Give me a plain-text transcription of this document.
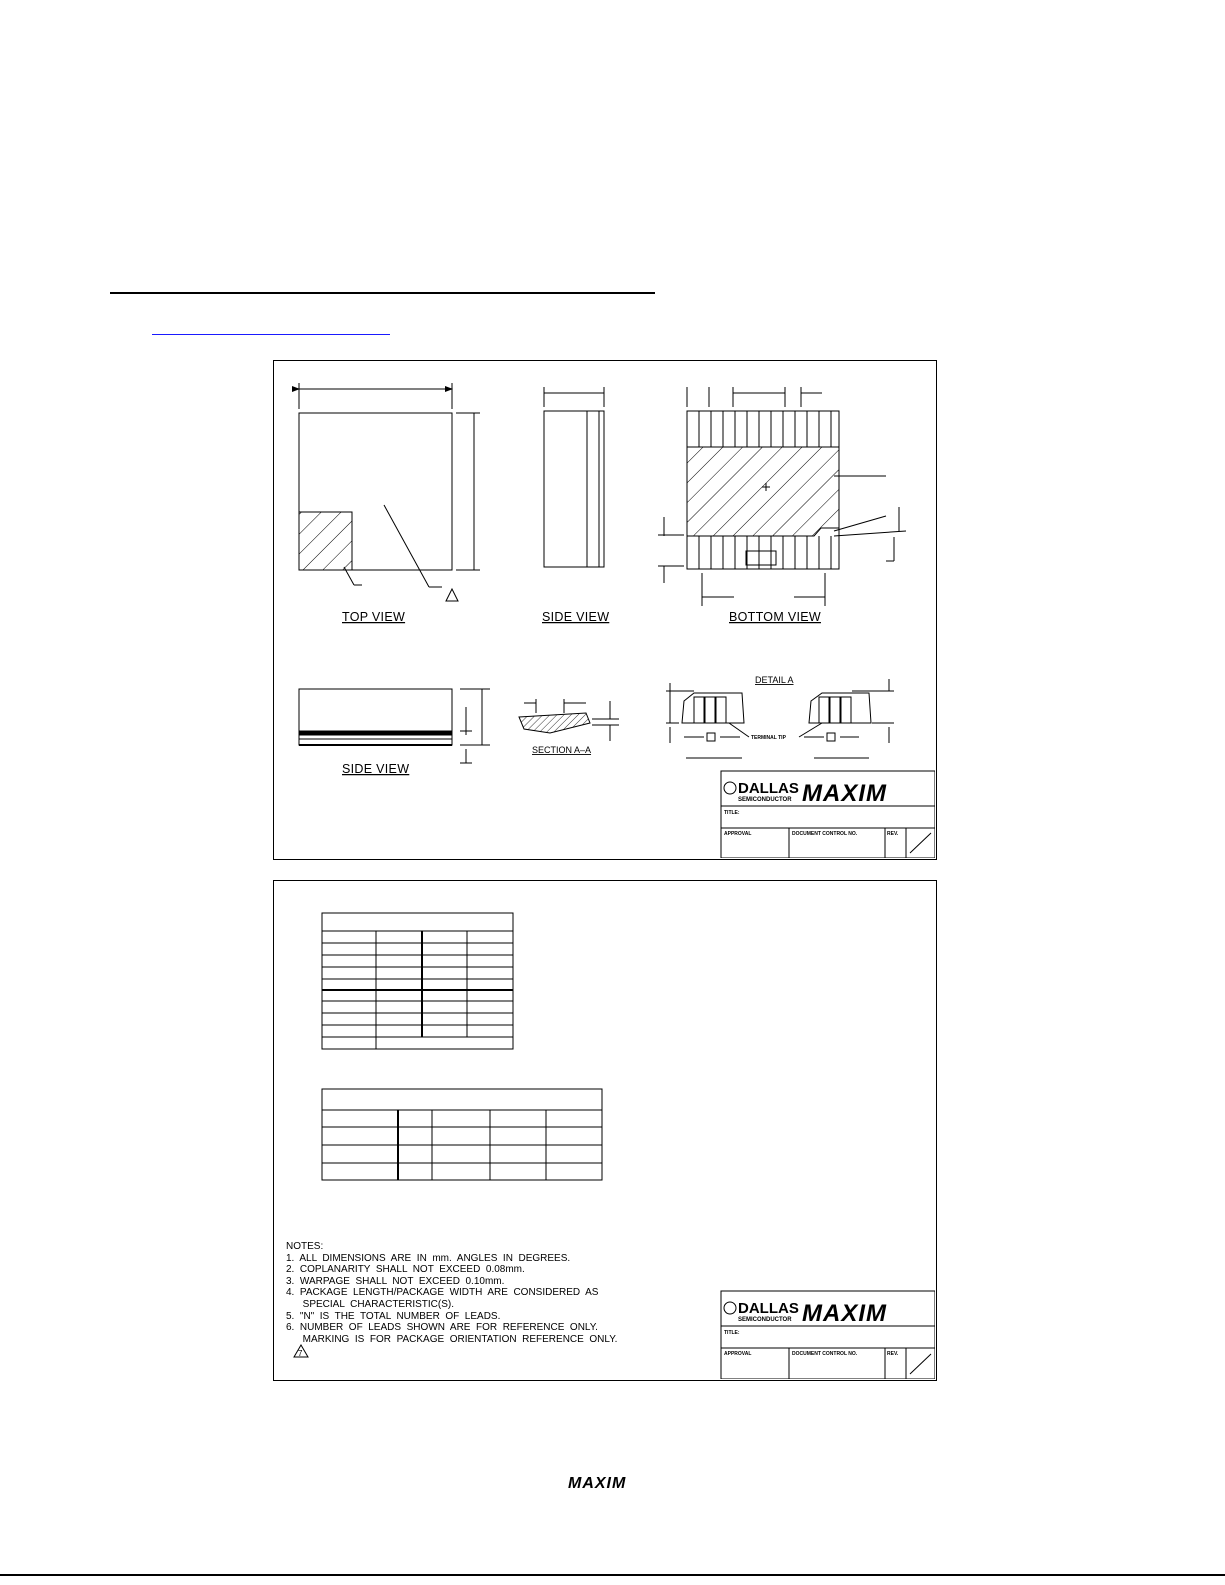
TOP VIEW	SIDE VIEW	BOTTOM VIEW
SIDE VIEW
SECTION A–A
DETAIL A
TERMINAL TIP
DALLAS
SEMICONDUCTOR MAXIM
TITLE:
APPROVAL	DOCUMENT CONTROL NO.	REV.
7
DALLAS
SEMICONDUCTOR MAXIM
TITLE:
APPROVAL	DOCUMENT CONTROL NO.	REV.
NOTES:
1.  ALL  DIMENSIONS  ARE  IN  mm.  ANGLES  IN  DEGREES.
2.  COPLANARITY  SHALL  NOT  EXCEED  0.08mm.
3.  WARPAGE  SHALL  NOT  EXCEED  0.10mm.
4.  PACKAGE  LENGTH/PACKAGE  WIDTH  ARE  CONSIDERED  AS
SPECIAL  CHARACTERISTIC(S).
5.  "N"  IS  THE  TOTAL  NUMBER  OF  LEADS.
6.  NUMBER  OF  LEADS  SHOWN  ARE  FOR  REFERENCE  ONLY.
MARKING  IS  FOR  PACKAGE  ORIENTATION  REFERENCE  ONLY.
MAXIM
